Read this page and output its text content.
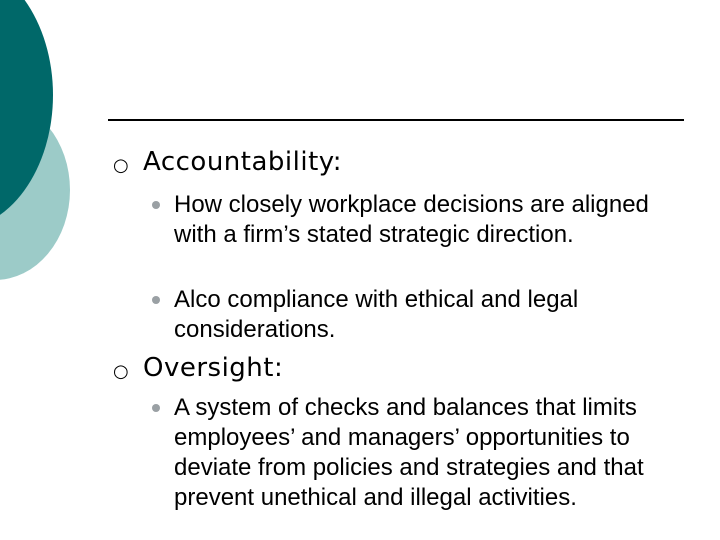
○ Accountability:
How closely workplace decisions are aligned with a firm’s stated strategic direction.
Alco compliance with ethical and legal considerations.
○ Oversight:
A system of checks and balances that limits employees’ and managers’ opportunities to deviate from policies and strategies and that prevent unethical and illegal activities.
